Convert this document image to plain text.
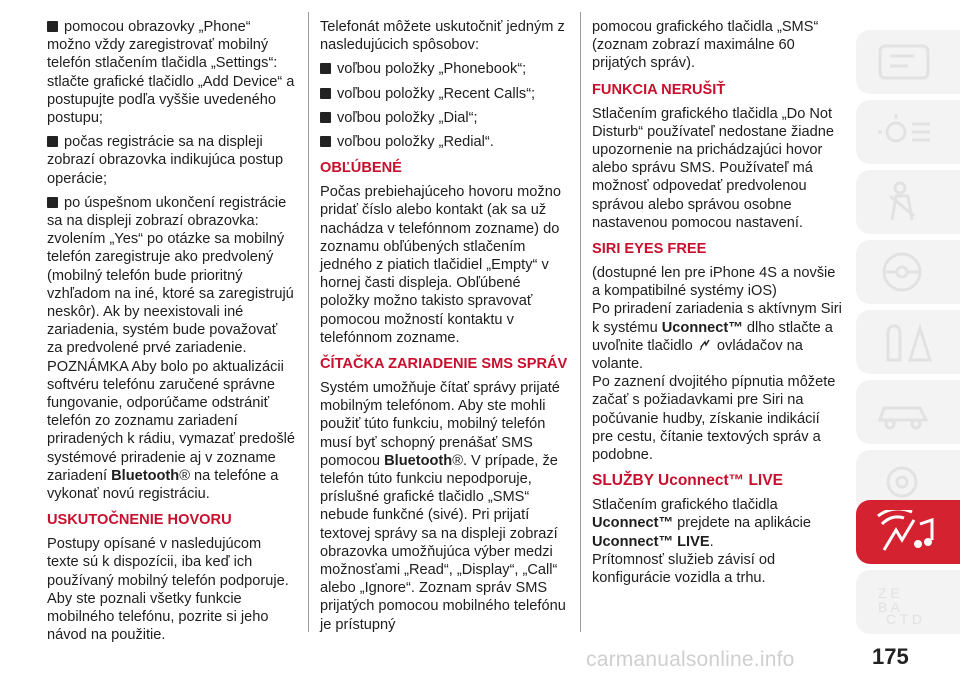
pomocou obrazovky „Phone“ možno vždy zaregistrovať mobilný telefón stlačením tlačidla „Settings“: stlačte grafické tlačidlo „Add Device“ a postupujte podľa vyššie uvedeného postupu;

počas registrácie sa na displeji zobrazí obrazovka indikujúca postup operácie;

po úspešnom ukončení registrácie sa na displeji zobrazí obrazovka: zvolením „Yes“ po otázke sa mobilný telefón zaregistruje ako predvolený (mobilný telefón bude prioritný vzhľadom na iné, ktoré sa zaregistrujú neskôr). Ak by neexistovali iné zariadenia, systém bude považovať za predvolené prvé zariadenie.

POZNÁMKA Aby bolo po aktualizácii softvéru telefónu zaručené správne fungovanie, odporúčame odstrániť telefón zo zoznamu zariadení priradených k rádiu, vymazať predošlé systémové priradenie aj v zozname zariadení Bluetooth® na telefóne a vykonať novú registráciu.

USKUTOČNENIE HOVORU

Postupy opísané v nasledujúcom texte sú k dispozícii, iba keď ich používaný mobilný telefón podporuje. Aby ste poznali všetky funkcie mobilného telefónu, pozrite si jeho návod na použitie.

Telefonát môžete uskutočniť jedným z nasledujúcich spôsobov:

voľbou položky „Phonebook“;

voľbou položky „Recent Calls“;

voľbou položky „Dial“;

voľbou položky „Redial“.

OBĽÚBENÉ

Počas prebiehajúceho hovoru možno pridať číslo alebo kontakt (ak sa už nachádza v telefónnom zozname) do zoznamu obľúbených stlačením jedného z piatich tlačidiel „Empty“ v hornej časti displeja. Obľúbené položky možno takisto spravovať pomocou možností kontaktu v telefónnom zozname.

ČÍTAČKA ZARIADENIE SMS SPRÁV

Systém umožňuje čítať správy prijaté mobilným telefónom. Aby ste mohli použiť túto funkciu, mobilný telefón musí byť schopný prenášať SMS pomocou Bluetooth®. V prípade, že telefón túto funkciu nepodporuje, príslušné grafické tlačidlo „SMS“ nebude funkčné (sivé). Pri prijatí textovej správy sa na displeji zobrazí obrazovka umožňujúca výber medzi možnosťami „Read“, „Display“, „Call“ alebo „Ignore“. Zoznam správ SMS prijatých pomocou mobilného telefónu je prístupný

pomocou grafického tlačidla „SMS“ (zoznam zobrazí maximálne 60 prijatých správ).

FUNKCIA NERUŠIŤ

Stlačením grafického tlačidla „Do Not Disturb“ používateľ nedostane žiadne upozornenie na prichádzajúci hovor alebo správu SMS. Používateľ má možnosť odpovedať predvolenou správou alebo správou osobne nastavenou pomocou nastavení.

SIRI EYES FREE

(dostupné len pre iPhone 4S a novšie a kompatibilné systémy iOS)
Po priradení zariadenia s aktívnym Siri k systému Uconnect™ dlho stlačte a uvoľnite tlačidlo  ovládačov na volante.

Po zaznení dvojitého pípnutia môžete začať s požiadavkami pre Siri na počúvanie hudby, získanie indikácií pre cestu, čítanie textových správ a podobne.

SLUŽBY Uconnect™ LIVE

Stlačením grafického tlačidla Uconnect™ prejdete na aplikácie Uconnect™ LIVE.

Prítomnosť služieb závisí od konfigurácie vozidla a trhu.

Z E
B A
C T D
175
carmanualsonline.info
